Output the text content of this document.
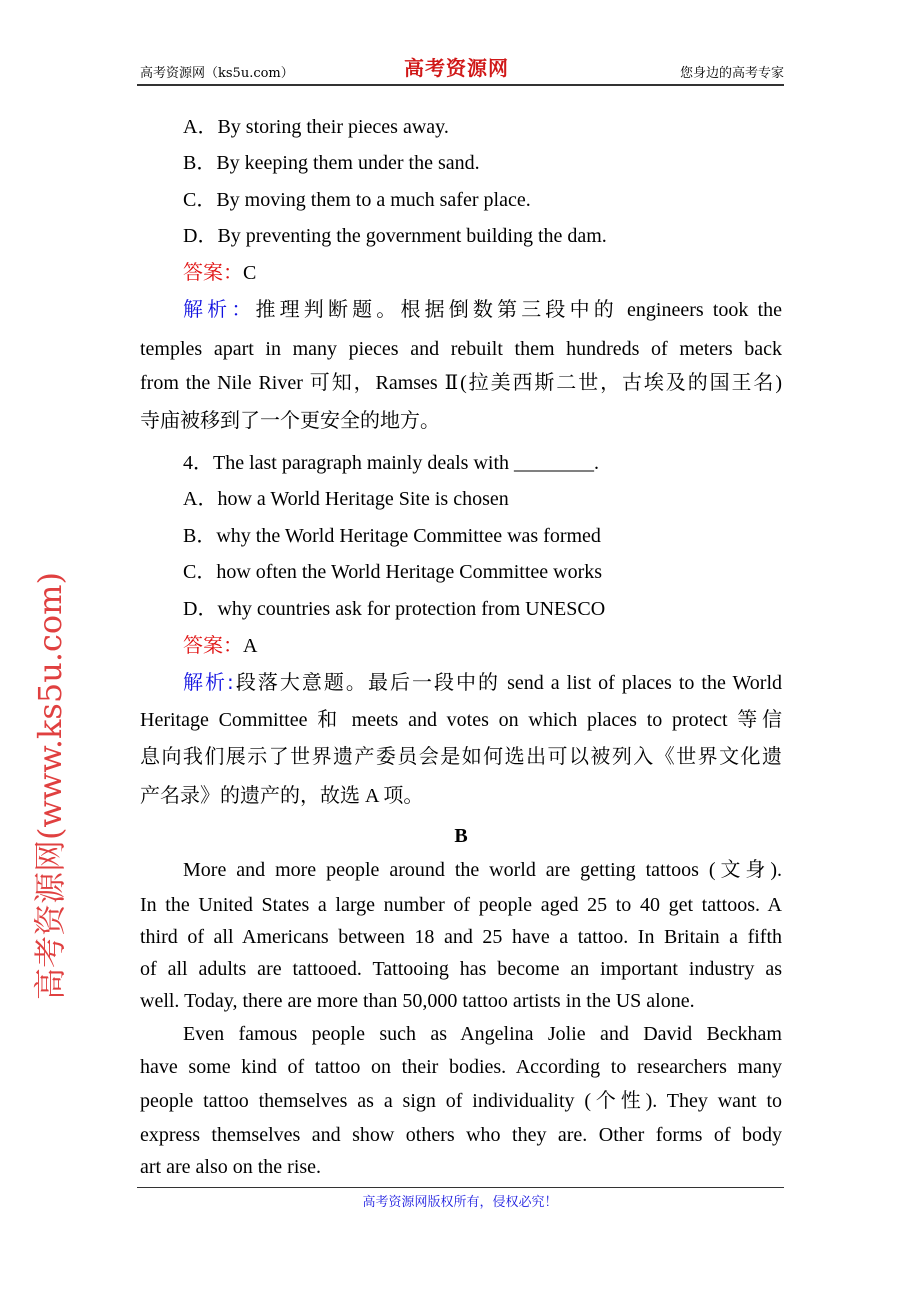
高考资源网（ks5u.com）	高考资源网	您身边的高考专家
A．By storing their pieces away.
B．By keeping them under the sand.
C．By moving them to a much safer place.
D．By preventing the government building the dam.
答案：C
解析：推理判断题。根据倒数第三段中的 engineers took the
temples apart in many pieces and rebuilt them hundreds of meters back
from the Nile River 可知，Ramses Ⅱ(拉美西斯二世，古埃及的国王名)
寺庙被移到了一个更安全的地方。
4．The last paragraph mainly deals with ________.
A．how a World Heritage Site is chosen
B．why the World Heritage Committee was formed
C．how often the World Heritage Committee works
D．why countries ask for protection from UNESCO
答案：A
解析:段落大意题。最后一段中的 send a list of places to the World
Heritage Committee 和 meets and votes on which places to protect 等信
息向我们展示了世界遗产委员会是如何选出可以被列入《世界文化遗
产名录》的遗产的，故选 A 项。
B
More and more people around the world are getting tattoos (文身).
In the United States a large number of people aged 25 to 40 get tattoos. A
third of all Americans between 18 and 25 have a tattoo. In Britain a fifth
of all adults are tattooed. Tattooing has become an important industry as
well. Today, there are more than 50,000 tattoo artists in the US alone.
Even famous people such as Angelina Jolie and David Beckham
have some kind of tattoo on their bodies. According to researchers many
people tattoo themselves as a sign of individuality (个性). They want to
express themselves and show others who they are. Other forms of body
art are also on the rise.
高考资源网(www.ks5u.com)
高考资源网版权所有，侵权必究！
